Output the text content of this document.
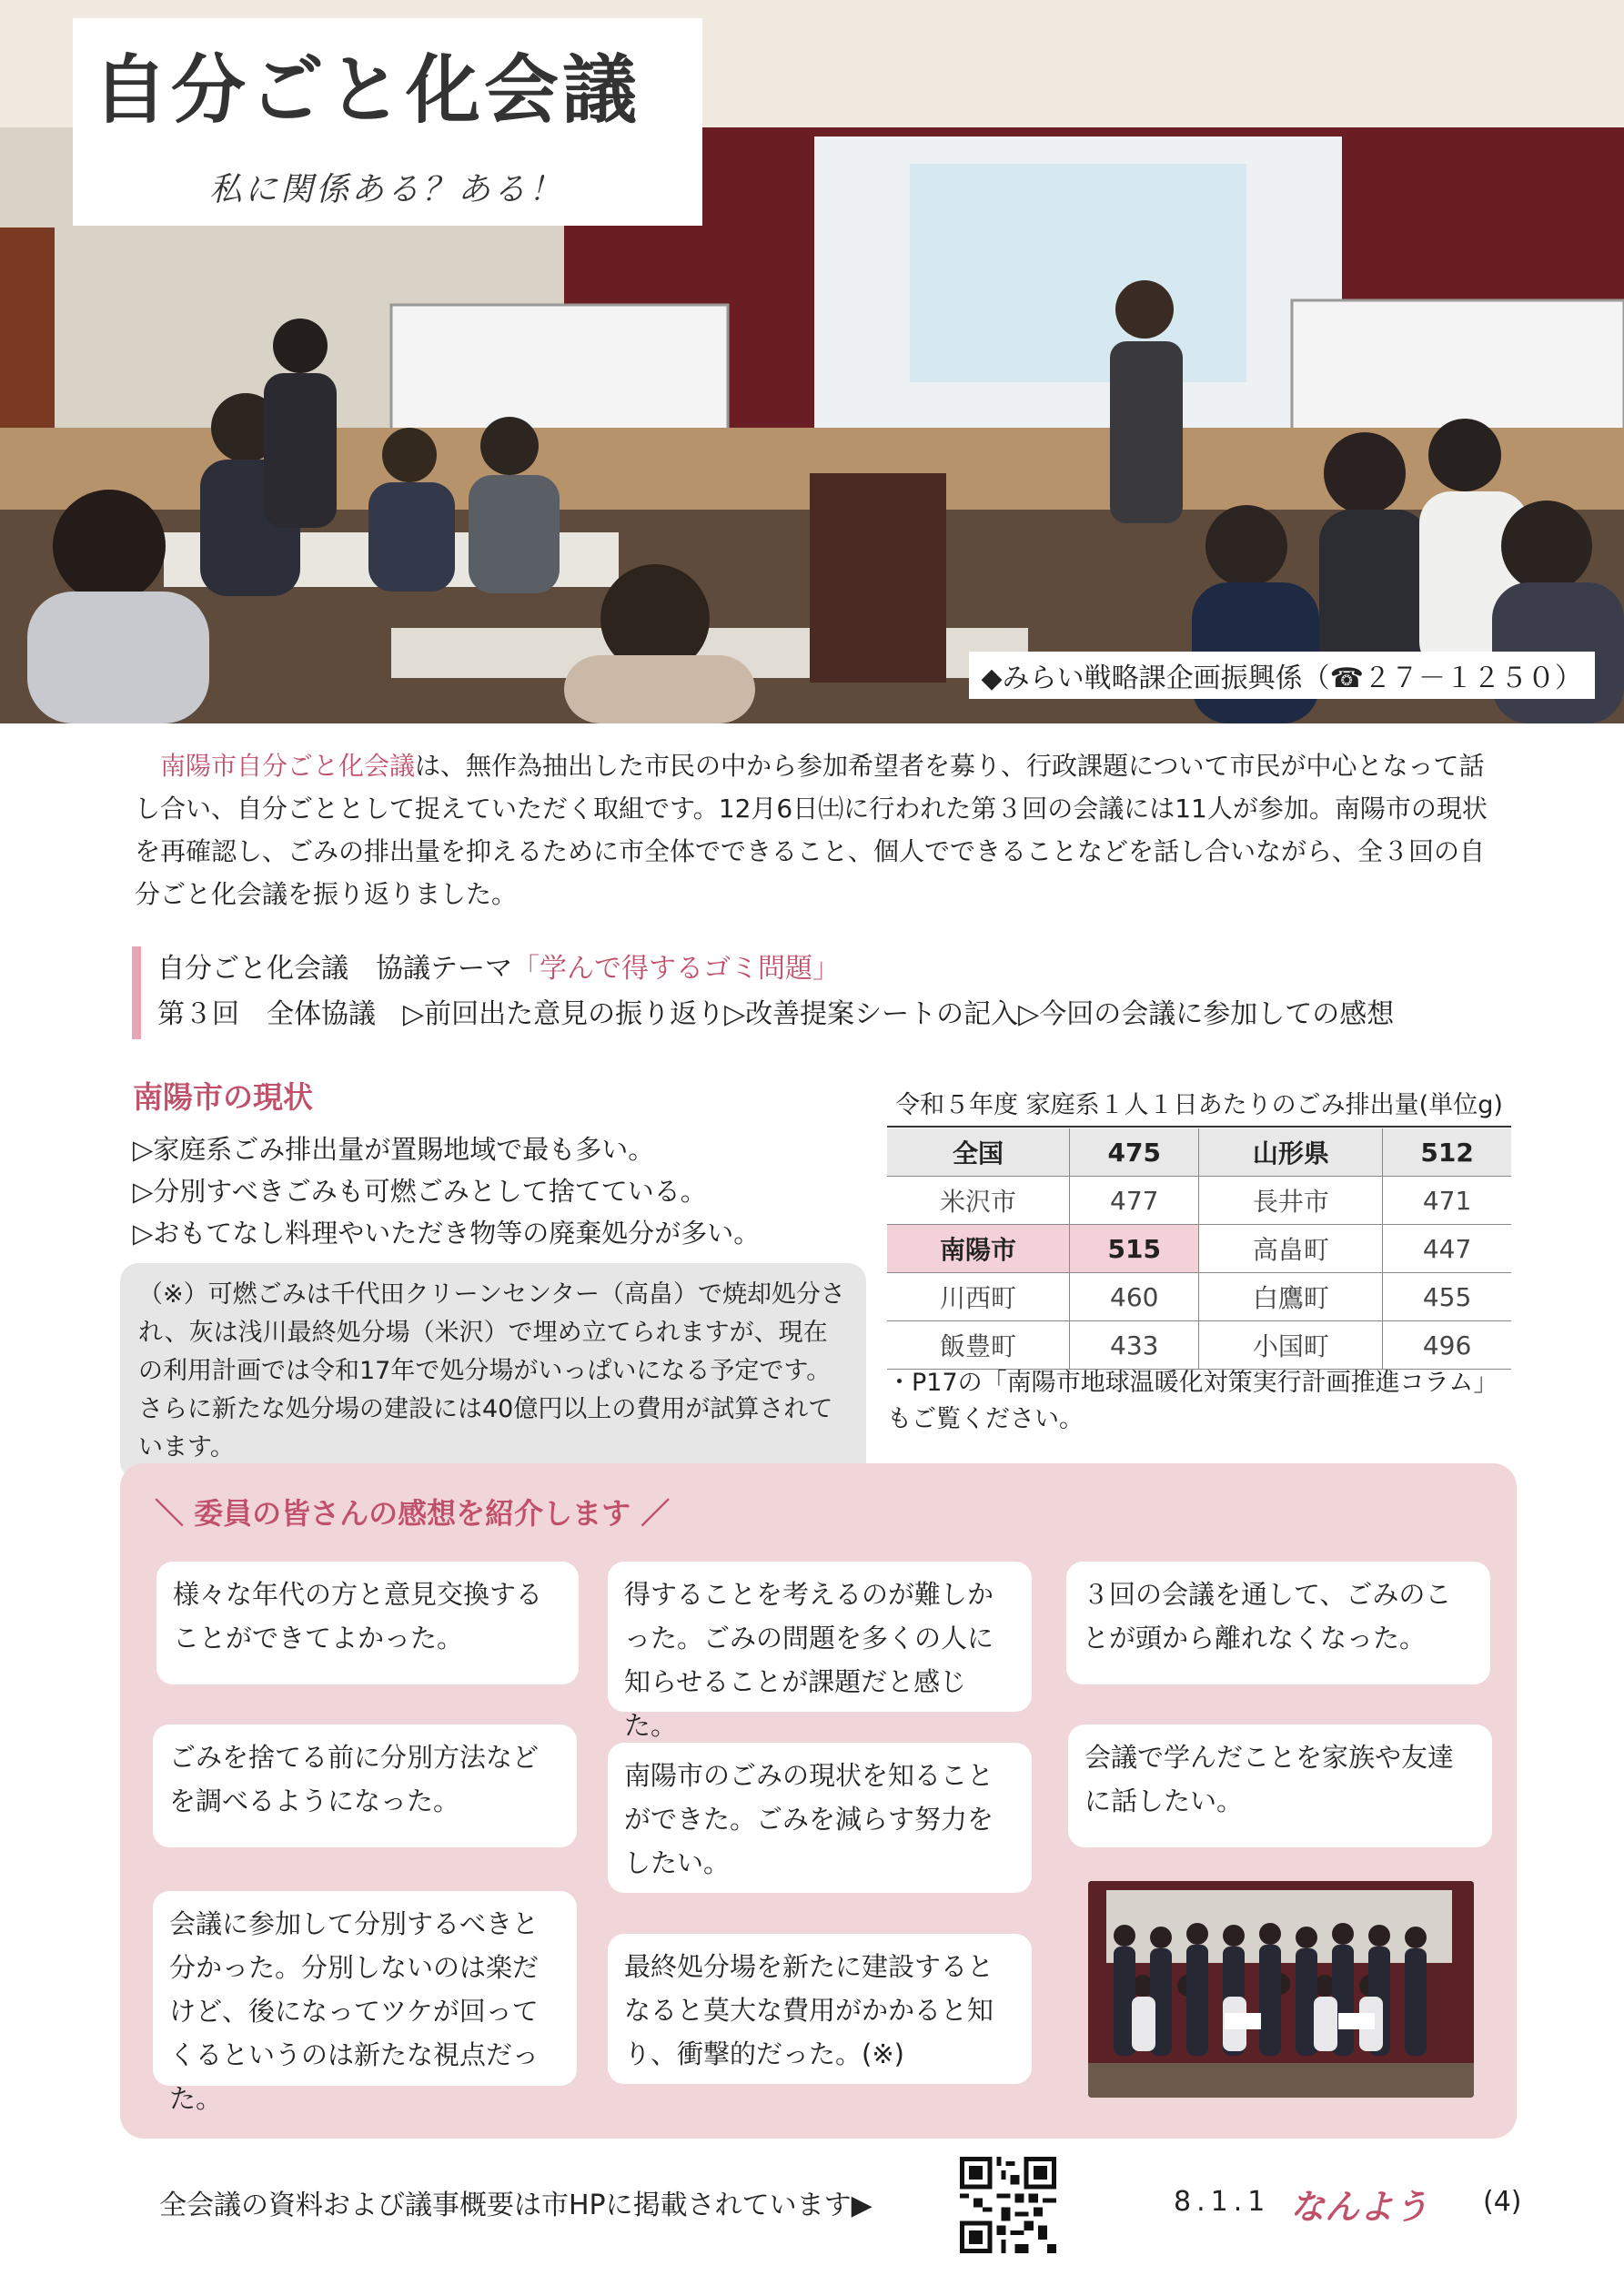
自分ごと化会議
私に関係ある？ある！
◆みらい戦略課企画振興係（☎２７－１２５０）
南陽市自分ごと化会議は、無作為抽出した市民の中から参加希望者を募り、行政課題について市民が中心となって話し合い、自分ごととして捉えていただく取組です。12月6日㈯に行われた第３回の会議には11人が参加。南陽市の現状を再確認し、ごみの排出量を抑えるために市全体でできること、個人でできることなどを話し合いながら、全３回の自分ごと化会議を振り返りました。
自分ごと化会議　協議テーマ「学んで得するゴミ問題」
第３回　全体協議　▷前回出た意見の振り返り▷改善提案シートの記入▷今回の会議に参加しての感想
南陽市の現状
▷家庭系ごみ排出量が置賜地域で最も多い。
▷分別すべきごみも可燃ごみとして捨てている。
▷おもてなし料理やいただき物等の廃棄処分が多い。
（※）可燃ごみは千代田クリーンセンター（高畠）で焼却処分され、灰は浅川最終処分場（米沢）で埋め立てられますが、現在の利用計画では令和17年で処分場がいっぱいになる予定です。さらに新たな処分場の建設には40億円以上の費用が試算されています。
令和５年度 家庭系１人１日あたりのごみ排出量(単位g)
全国	475	山形県	512
米沢市	477	長井市	471
南陽市	515	高畠町	447
川西町	460	白鷹町	455
飯豊町	433	小国町	496
・P17の「南陽市地球温暖化対策実行計画推進コラム」もご覧ください。
＼ 委員の皆さんの感想を紹介します ／
様々な年代の方と意見交換することができてよかった。
得することを考えるのが難しかった。ごみの問題を多くの人に知らせることが課題だと感じた。
３回の会議を通して、ごみのことが頭から離れなくなった。
ごみを捨てる前に分別方法などを調べるようになった。
南陽市のごみの現状を知ることができた。ごみを減らす努力をしたい。
会議で学んだことを家族や友達に話したい。
会議に参加して分別するべきと分かった。分別しないのは楽だけど、後になってツケが回ってくるというのは新たな視点だった。
最終処分場を新たに建設するとなると莫大な費用がかかると知り、衝撃的だった。(※)
全会議の資料および議事概要は市HPに掲載されています▶	8.1.1 なんよう (4)
